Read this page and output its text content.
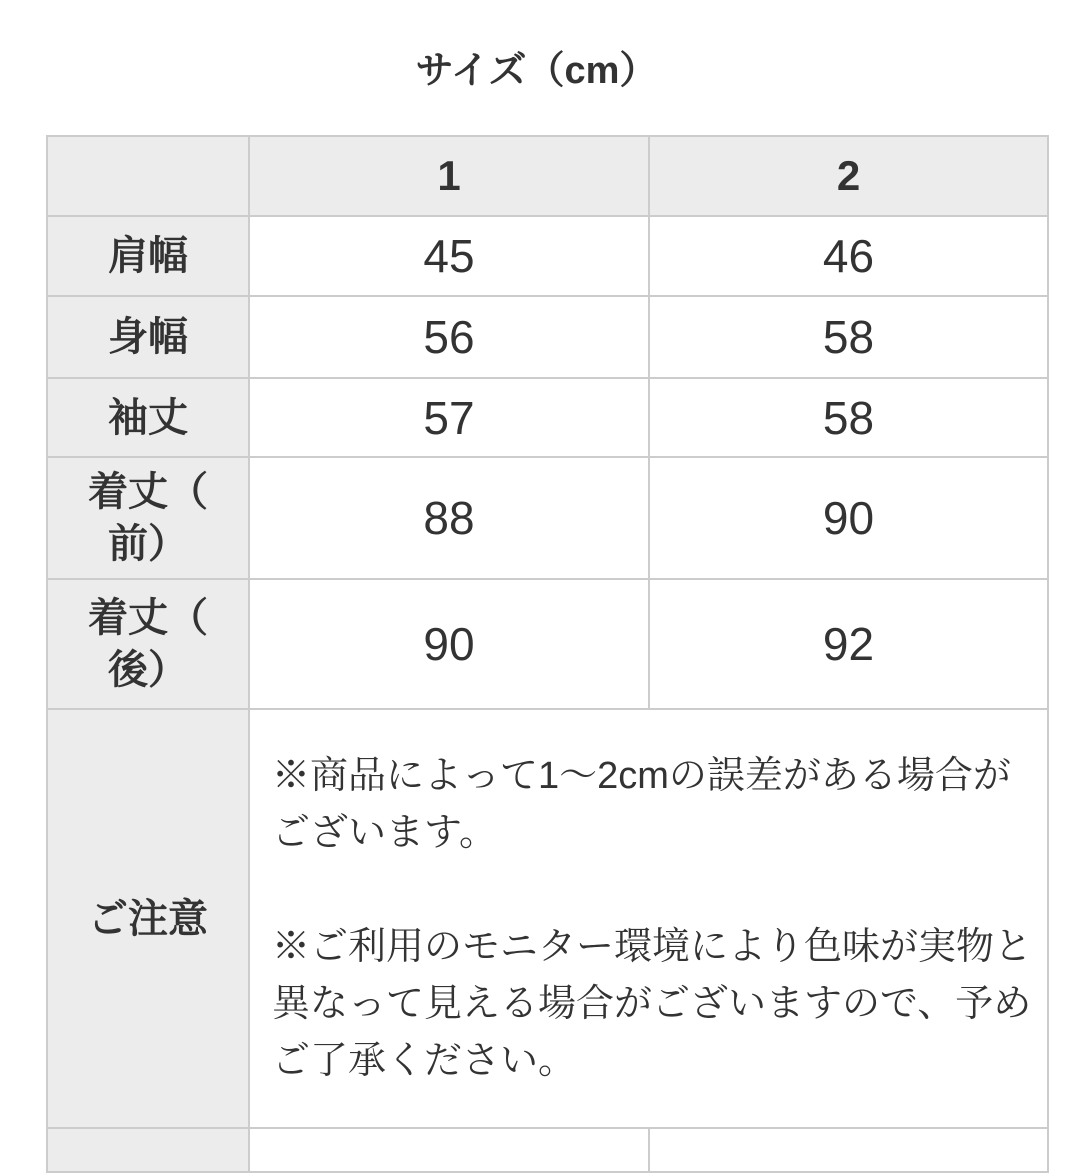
サイズ（cm）
	1	2
肩幅	45	46
身幅	56	58
袖丈	57	58
着丈（前）	88	90
着丈（後）	90	92
ご注意	※商品によって1〜2cmの誤差がある場合がございます。

※ご利用のモニター環境により色味が実物と異なって見える場合がございますので、予めご了承ください。	
